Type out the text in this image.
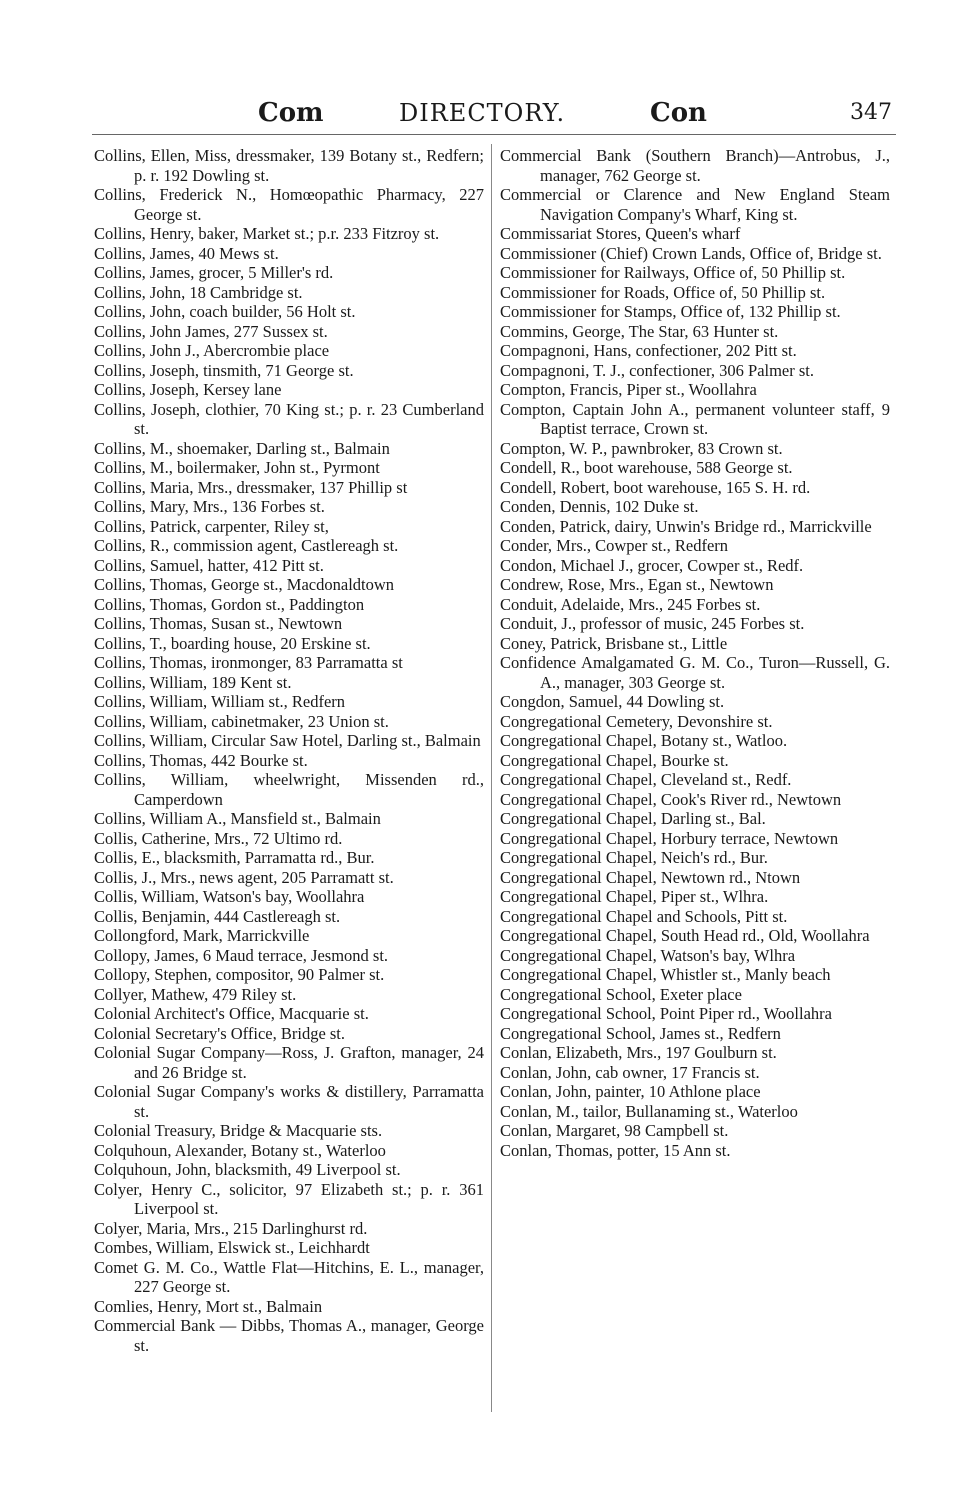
Com	DIRECTORY.	Con	347
Collins, Ellen, Miss, dressmaker, 139 Botany st., Redfern; p. r. 192 Dowling st.
Collins, Frederick N., Homœopathic Pharmacy, 227 George st.
Collins, Henry, baker, Market st.; p.r. 233 Fitzroy st.
Collins, James, 40 Mews st.
Collins, James, grocer, 5 Miller's rd.
Collins, John, 18 Cambridge st.
Collins, John, coach builder, 56 Holt st.
Collins, John James, 277 Sussex st.
Collins, John J., Abercrombie place
Collins, Joseph, tinsmith, 71 George st.
Collins, Joseph, Kersey lane
Collins, Joseph, clothier, 70 King st.; p. r. 23 Cumberland st.
Collins, M., shoemaker, Darling st., Balmain
Collins, M., boilermaker, John st., Pyrmont
Collins, Maria, Mrs., dressmaker, 137 Phillip st
Collins, Mary, Mrs., 136 Forbes st.
Collins, Patrick, carpenter, Riley st,
Collins, R., commission agent, Castlereagh st.
Collins, Samuel, hatter, 412 Pitt st.
Collins, Thomas, George st., Macdonaldtown
Collins, Thomas, Gordon st., Paddington
Collins, Thomas, Susan st., Newtown
Collins, T., boarding house, 20 Erskine st.
Collins, Thomas, ironmonger, 83 Parramatta st
Collins, William, 189 Kent st.
Collins, William, William st., Redfern
Collins, William, cabinetmaker, 23 Union st.
Collins, William, Circular Saw Hotel, Darling st., Balmain
Collins, Thomas, 442 Bourke st.
Collins, William, wheelwright, Missenden rd., Camperdown
Collins, William A., Mansfield st., Balmain
Collis, Catherine, Mrs., 72 Ultimo rd.
Collis, E., blacksmith, Parramatta rd., Bur.
Collis, J., Mrs., news agent, 205 Parramatt st.
Collis, William, Watson's bay, Woollahra
Collis, Benjamin, 444 Castlereagh st.
Collongford, Mark, Marrickville
Collopy, James, 6 Maud terrace, Jesmond st.
Collopy, Stephen, compositor, 90 Palmer st.
Collyer, Mathew, 479 Riley st.
Colonial Architect's Office, Macquarie st.
Colonial Secretary's Office, Bridge st.
Colonial Sugar Company—Ross, J. Grafton, manager, 24 and 26 Bridge st.
Colonial Sugar Company's works & distillery, Parramatta st.
Colonial Treasury, Bridge & Macquarie sts.
Colquhoun, Alexander, Botany st., Waterloo
Colquhoun, John, blacksmith, 49 Liverpool st.
Colyer, Henry C., solicitor, 97 Elizabeth st.; p. r. 361 Liverpool st.
Colyer, Maria, Mrs., 215 Darlinghurst rd.
Combes, William, Elswick st., Leichhardt
Comet G. M. Co., Wattle Flat—Hitchins, E. L., manager, 227 George st.
Comlies, Henry, Mort st., Balmain
Commercial Bank — Dibbs, Thomas A., manager, George st.
Commercial Bank (Southern Branch)—Antrobus, J., manager, 762 George st.
Commercial or Clarence and New England Steam Navigation Company's Wharf, King st.
Commissariat Stores, Queen's wharf
Commissioner (Chief) Crown Lands, Office of, Bridge st.
Commissioner for Railways, Office of, 50 Phillip st.
Commissioner for Roads, Office of, 50 Phillip st.
Commissioner for Stamps, Office of, 132 Phillip st.
Commins, George, The Star, 63 Hunter st.
Compagnoni, Hans, confectioner, 202 Pitt st.
Compagnoni, T. J., confectioner, 306 Palmer st.
Compton, Francis, Piper st., Woollahra
Compton, Captain John A., permanent volunteer staff, 9 Baptist terrace, Crown st.
Compton, W. P., pawnbroker, 83 Crown st.
Condell, R., boot warehouse, 588 George st.
Condell, Robert, boot warehouse, 165 S. H. rd.
Conden, Dennis, 102 Duke st.
Conden, Patrick, dairy, Unwin's Bridge rd., Marrickville
Conder, Mrs., Cowper st., Redfern
Condon, Michael J., grocer, Cowper st., Redf.
Condrew, Rose, Mrs., Egan st., Newtown
Conduit, Adelaide, Mrs., 245 Forbes st.
Conduit, J., professor of music, 245 Forbes st.
Coney, Patrick, Brisbane st., Little
Confidence Amalgamated G. M. Co., Turon—Russell, G. A., manager, 303 George st.
Congdon, Samuel, 44 Dowling st.
Congregational Cemetery, Devonshire st.
Congregational Chapel, Botany st., Watloo.
Congregational Chapel, Bourke st.
Congregational Chapel, Cleveland st., Redf.
Congregational Chapel, Cook's River rd., Newtown
Congregational Chapel, Darling st., Bal.
Congregational Chapel, Horbury terrace, Newtown
Congregational Chapel, Neich's rd., Bur.
Congregational Chapel, Newtown rd., Ntown
Congregational Chapel, Piper st., Wlhra.
Congregational Chapel and Schools, Pitt st.
Congregational Chapel, South Head rd., Old, Woollahra
Congregational Chapel, Watson's bay, Wlhra
Congregational Chapel, Whistler st., Manly beach
Congregational School, Exeter place
Congregational School, Point Piper rd., Woollahra
Congregational School, James st., Redfern
Conlan, Elizabeth, Mrs., 197 Goulburn st.
Conlan, John, cab owner, 17 Francis st.
Conlan, John, painter, 10 Athlone place
Conlan, M., tailor, Bullanaming st., Waterloo
Conlan, Margaret, 98 Campbell st.
Conlan, Thomas, potter, 15 Ann st.
